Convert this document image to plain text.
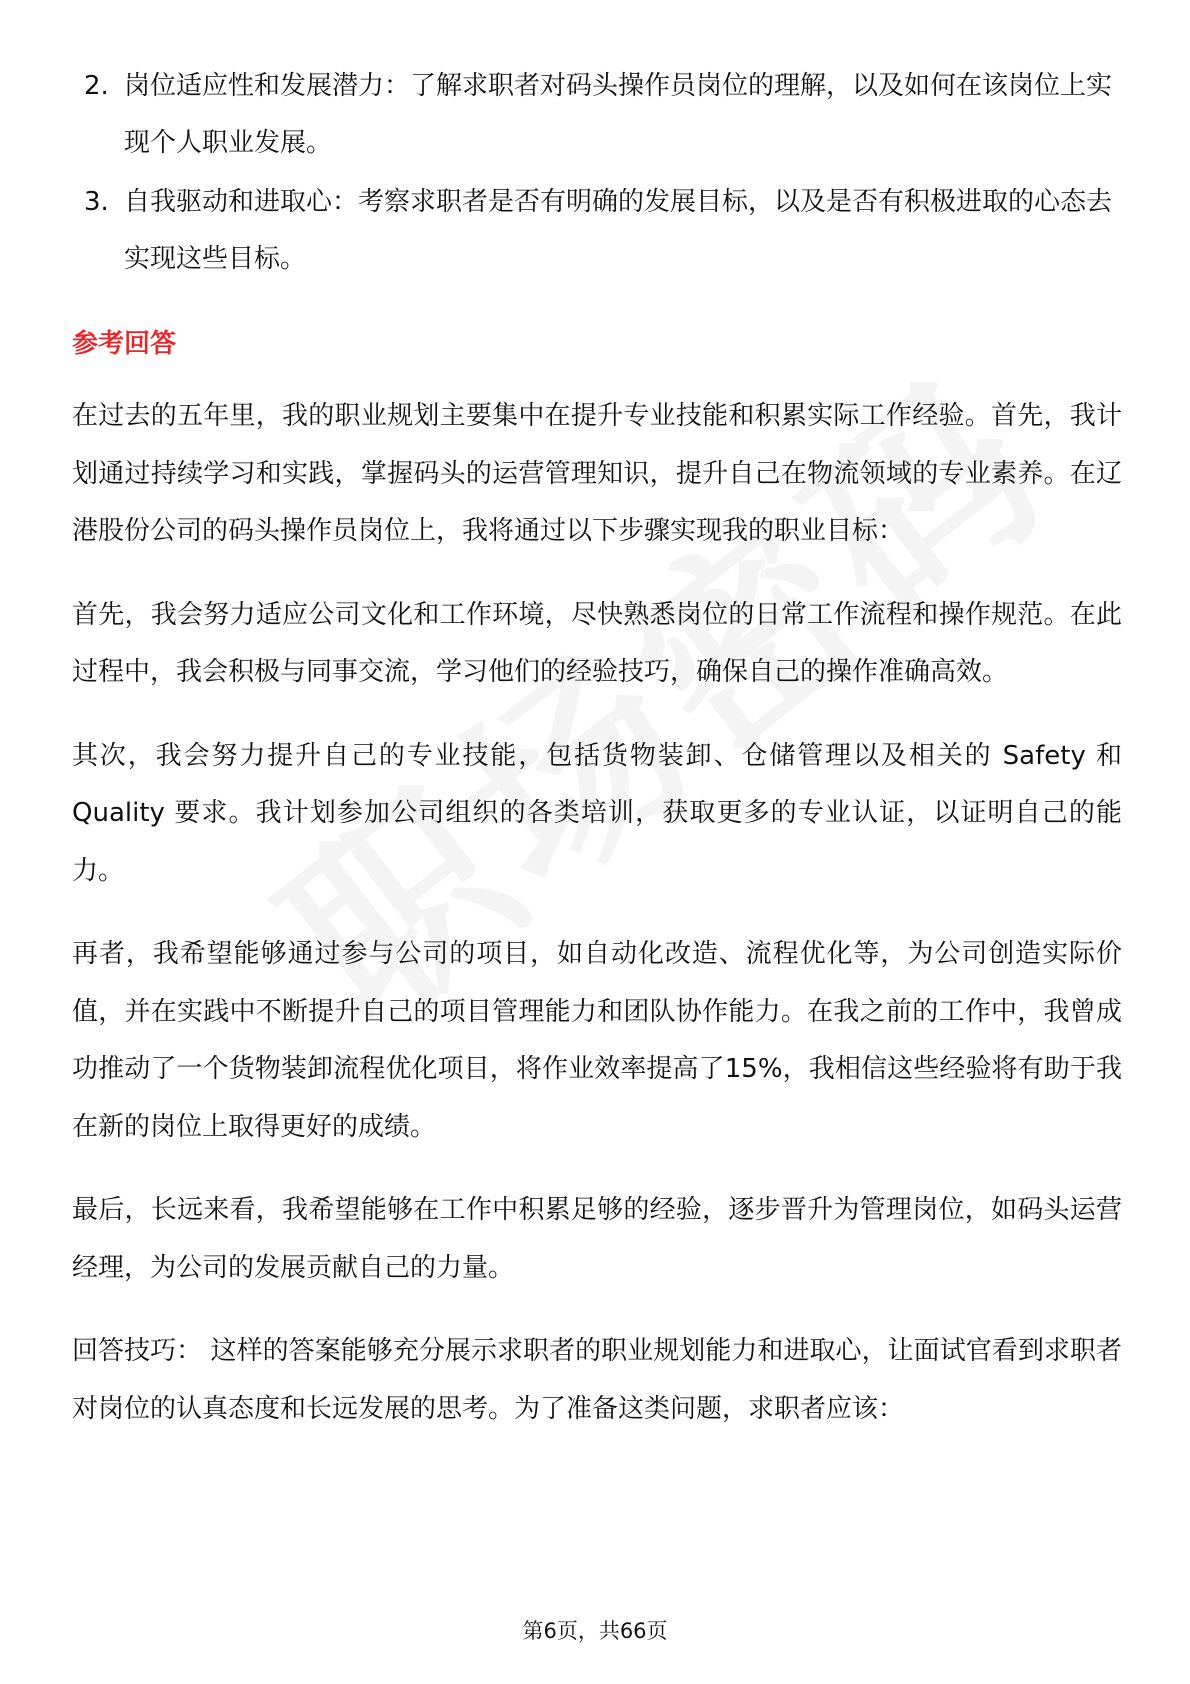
2. 岗位适应性和发展潜力：了解求职者对码头操作员岗位的理解，以及如何在该岗位上实现个人职业发展。
3. 自我驱动和进取心：考察求职者是否有明确的发展目标，以及是否有积极进取的心态去实现这些目标。
参考回答

在过去的五年里，我的职业规划主要集中在提升专业技能和积累实际工作经验。首先，我计划通过持续学习和实践，掌握码头的运营管理知识，提升自己在物流领域的专业素养。在辽港股份公司的码头操作员岗位上，我将通过以下步骤实现我的职业目标：

首先，我会努力适应公司文化和工作环境，尽快熟悉岗位的日常工作流程和操作规范。在此过程中，我会积极与同事交流，学习他们的经验技巧，确保自己的操作准确高效。

其次，我会努力提升自己的专业技能，包括货物装卸、仓储管理以及相关的 Safety 和 Quality 要求。我计划参加公司组织的各类培训，获取更多的专业认证，以证明自己的能力。

再者，我希望能够通过参与公司的项目，如自动化改造、流程优化等，为公司创造实际价值，并在实践中不断提升自己的项目管理能力和团队协作能力。在我之前的工作中，我曾成功推动了一个货物装卸流程优化项目，将作业效率提高了15%，我相信这些经验将有助于我在新的岗位上取得更好的成绩。

最后，长远来看，我希望能够在工作中积累足够的经验，逐步晋升为管理岗位，如码头运营经理，为公司的发展贡献自己的力量。

回答技巧： 这样的答案能够充分展示求职者的职业规划能力和进取心，让面试官看到求职者对岗位的认真态度和长远发展的思考。为了准备这类问题，求职者应该：

第6页，共66页
